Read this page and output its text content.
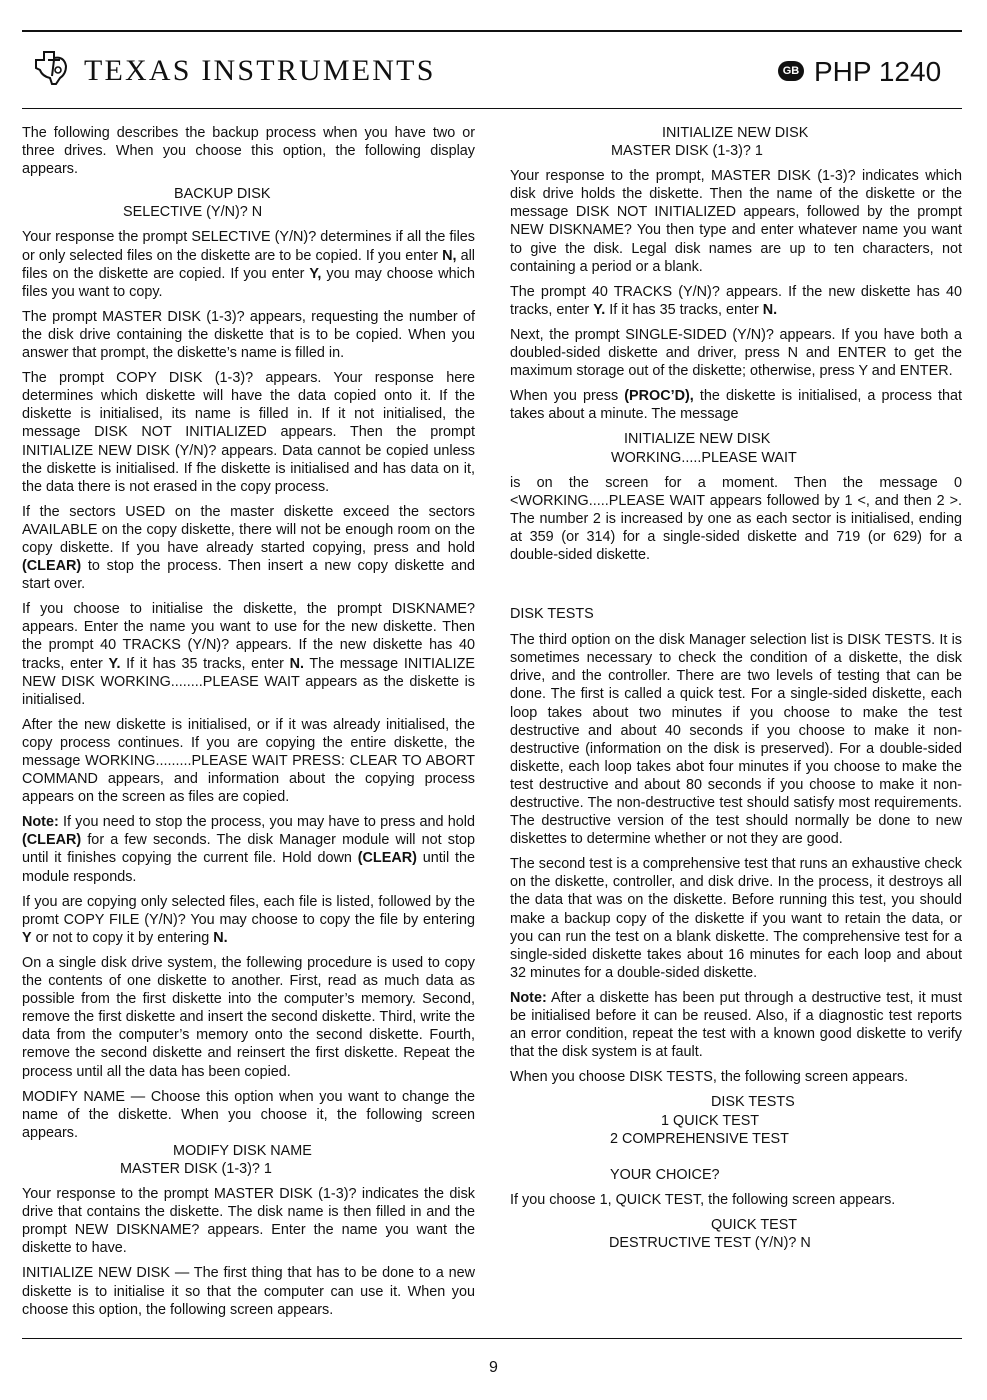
TEXAS INSTRUMENTS	GB PHP 1240

The following describes the backup process when you have two or three drives. When you choose this option, the following display appears.

BACKUP DISK
SELECTIVE (Y/N)? N

Your response the prompt SELECTIVE (Y/N)? determines if all the files or only selected files on the diskette are to be copied. If you enter N, all files on the diskette are copied. If you enter Y, you may choose which files you want to copy.

The prompt MASTER DISK (1-3)? appears, requesting the number of the disk drive containing the diskette that is to be copied. When you answer that prompt, the diskette’s name is filled in.

The prompt COPY DISK (1-3)? appears. Your response here determines which diskette will have the data copied onto it. If the diskette is initialised, its name is filled in. If it not initialised, the message DISK NOT INITIALIZED appears. Then the prompt INITIALIZE NEW DISK (Y/N)? appears. Data cannot be copied unless the diskette is initialised. If fhe diskette is initialised and has data on it, the data there is not erased in the copy process.

If the sectors USED on the master diskette exceed the sectors AVAILABLE on the copy diskette, there will not be enough room on the copy diskette. If you have already started copying, press and hold (CLEAR) to stop the process. Then insert a new copy diskette and start over.

If you choose to initialise the diskette, the prompt DISKNAME? appears. Enter the name you want to use for the new diskette. Then the prompt 40 TRACKS (Y/N)? appears. If the new diskette has 40 tracks, enter Y. If it has 35 tracks, enter N. The message INITIALIZE NEW DISK WORKING........PLEASE WAIT appears as the diskette is initialised.

After the new diskette is initialised, or if it was already initialised, the copy process continues. If you are copying the entire diskette, the message WORKING.........PLEASE WAIT PRESS: CLEAR TO ABORT COMMAND appears, and information about the copying process appears on the screen as files are copied.

Note: If you need to stop the process, you may have to press and hold (CLEAR) for a few seconds. The disk Manager module will not stop until it finishes copying the current file. Hold down (CLEAR) until the module responds.

If you are copying only selected files, each file is listed, followed by the promt COPY FILE (Y/N)? You may choose to copy the file by entering Y or not to copy it by entering N.

On a single disk drive system, the follewing procedure is used to copy the contents of one diskette to another. First, read as much data as possible from the first diskette into the computer’s memory. Second, remove the first diskette and insert the second diskette. Third, write the data from the computer’s memory onto the second diskette. Fourth, remove the second diskette and reinsert the first diskette. Repeat the process until all the data has been copied.

MODIFY NAME — Choose this option when you want to change the name of the diskette. When you choose it, the following screen appears.

MODIFY DISK NAME
MASTER DISK (1-3)? 1

Your response to the prompt MASTER DISK (1-3)? indicates the disk drive that contains the diskette. The disk name is then filled in and the prompt NEW DISKNAME? appears. Enter the name you want the diskette to have.

INITIALIZE NEW DISK — The first thing that has to be done to a new diskette is to initialise it so that the computer can use it. When you choose this option, the following screen appears.

INITIALIZE NEW DISK
MASTER DISK (1-3)? 1

Your response to the prompt, MASTER DISK (1-3)? indicates which disk drive holds the diskette. Then the name of the diskette or the message DISK NOT INITIALIZED appears, followed by the prompt NEW DISKNAME? You then type and enter whatever name you want to give the disk. Legal disk names are up to ten characters, not containing a period or a blank.

The prompt 40 TRACKS (Y/N)? appears. If the new diskette has 40 tracks, enter Y. If it has 35 tracks, enter N.

Next, the prompt SINGLE-SIDED (Y/N)? appears. If you have both a doubled-sided diskette and driver, press N and ENTER to get the maximum storage out of the diskette; otherwise, press Y and ENTER.

When you press (PROC’D), the diskette is initialised, a process that takes about a minute. The message

INITIALIZE NEW DISK
WORKING.....PLEASE WAIT

is on the screen for a moment. Then the message 0 <WORKING.....PLEASE WAIT appears followed by 1 <, and then 2 >. The number 2 is increased by one as each sector is initialised, ending at 359 (or 314) for a single-sided diskette and 719 (or 629) for a double-sided diskette.

DISK TESTS

The third option on the disk Manager selection list is DISK TESTS. It is sometimes necessary to check the condition of a diskette, the disk drive, and the controller. There are two levels of testing that can be done. The first is called a quick test. For a single-sided diskette, each loop takes about two minutes if you choose to make the test destructive and about 40 seconds if you choose to make it non-destructive (information on the disk is preserved). For a double-sided diskette, each loop takes abot four minutes if you choose to make the test destructive and about 80 seconds if you choose to make it non-destructive. The non-destructive test should satisfy most requirements. The destructive version of the test should normally be done to new diskettes to determine whether or not they are good.

The second test is a comprehensive test that runs an exhaustive check on the diskette, controller, and disk drive. In the process, it destroys all the data that was on the diskette. Before running this test, you should make a backup copy of the diskette if you want to retain the data, or you can run the test on a blank diskette. The comprehensive test for a single-sided diskette takes about 16 minutes for each loop and about 32 minutes for a double-sided diskette.

Note: After a diskette has been put through a destructive test, it must be initialised before it can be reused. Also, if a diagnostic test reports an error condition, repeat the test with a known good diskette to verify that the disk system is at fault.

When you choose DISK TESTS, the following screen appears.

DISK TESTS
1 QUICK TEST
2 COMPREHENSIVE TEST
YOUR CHOICE?

If you choose 1, QUICK TEST, the following screen appears.

QUICK TEST
DESTRUCTIVE TEST (Y/N)? N
9
